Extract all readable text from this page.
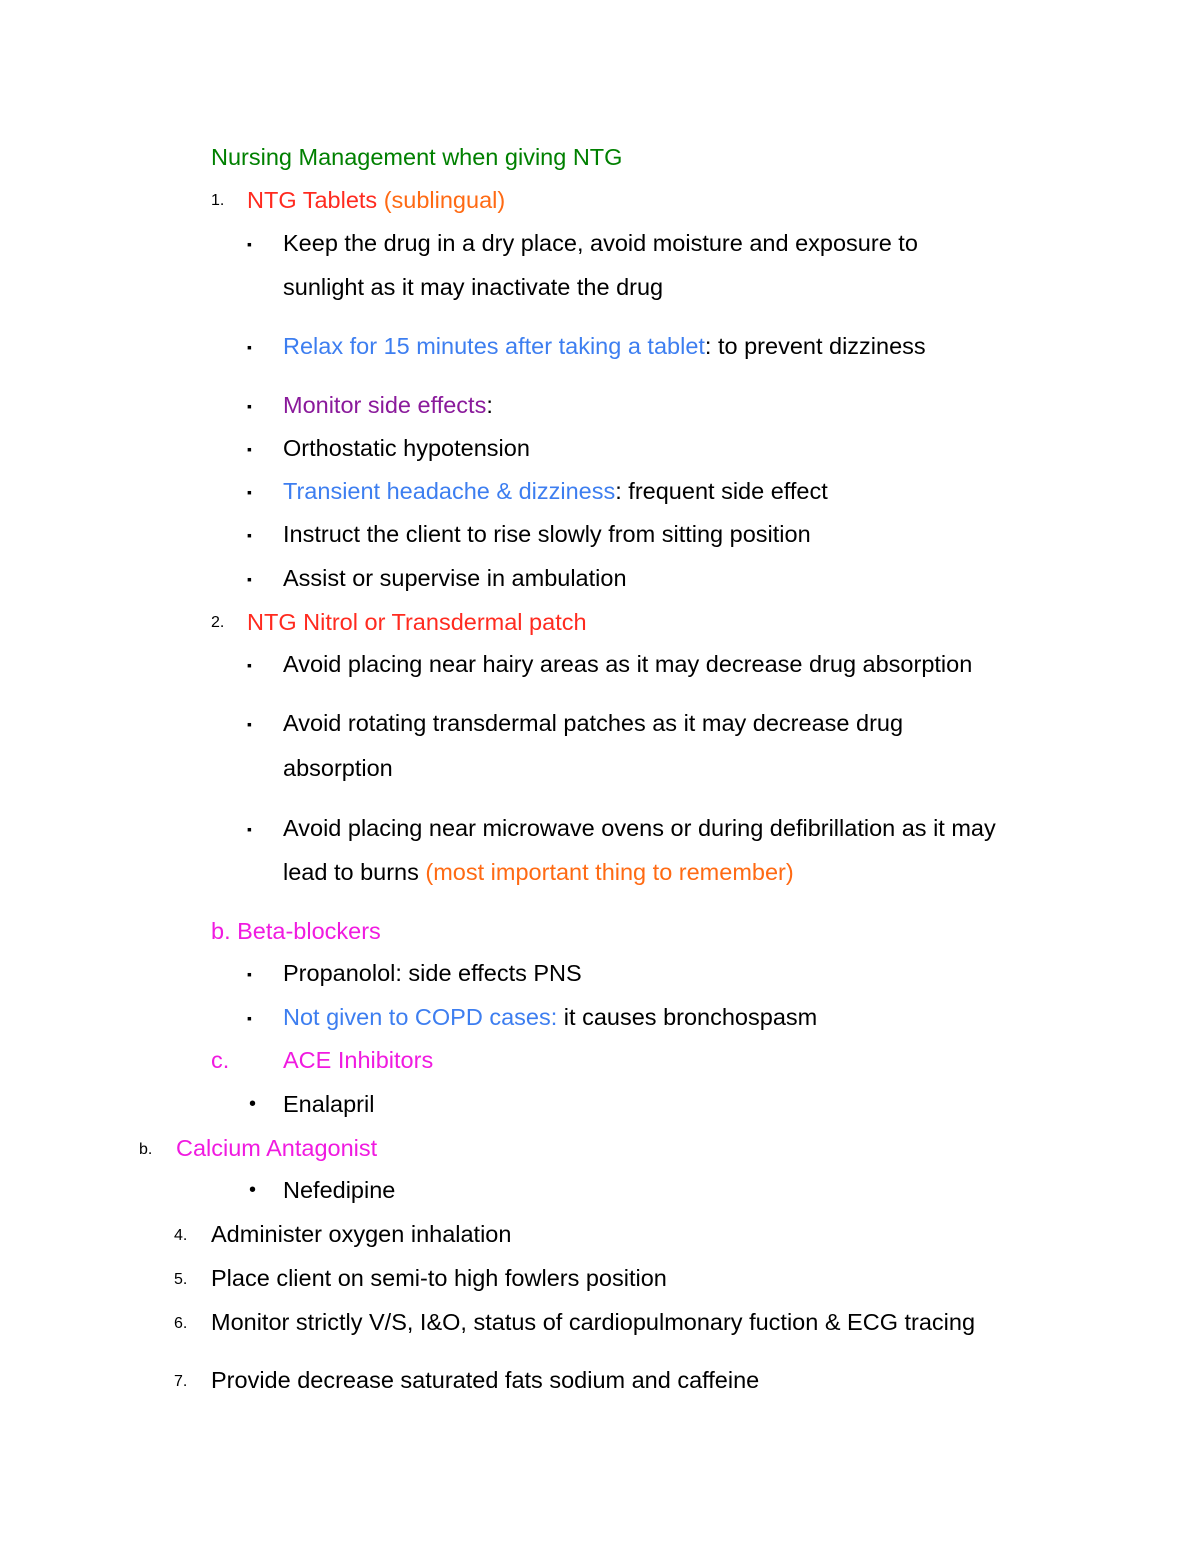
Nursing Management when giving NTG
1. NTG Tablets (sublingual)
▪ Keep the drug in a dry place, avoid moisture and exposure to
sunlight as it may inactivate the drug
▪ Relax for 15 minutes after taking a tablet: to prevent dizziness
▪ Monitor side effects:
▪ Orthostatic hypotension
▪ Transient headache & dizziness: frequent side effect
▪ Instruct the client to rise slowly from sitting position
▪ Assist or supervise in ambulation
2. NTG Nitrol or Transdermal patch
▪ Avoid placing near hairy areas as it may decrease drug absorption
▪ Avoid rotating transdermal patches as it may decrease drug
absorption
▪ Avoid placing near microwave ovens or during defibrillation as it may
lead to burns (most important thing to remember)
b. Beta-blockers
▪ Propanolol: side effects PNS
▪ Not given to COPD cases: it causes bronchospasm
c. ACE Inhibitors
• Enalapril
b. Calcium Antagonist
• Nefedipine
4. Administer oxygen inhalation
5. Place client on semi-to high fowlers position
6. Monitor strictly V/S, I&O, status of cardiopulmonary fuction & ECG tracing
7. Provide decrease saturated fats sodium and caffeine
